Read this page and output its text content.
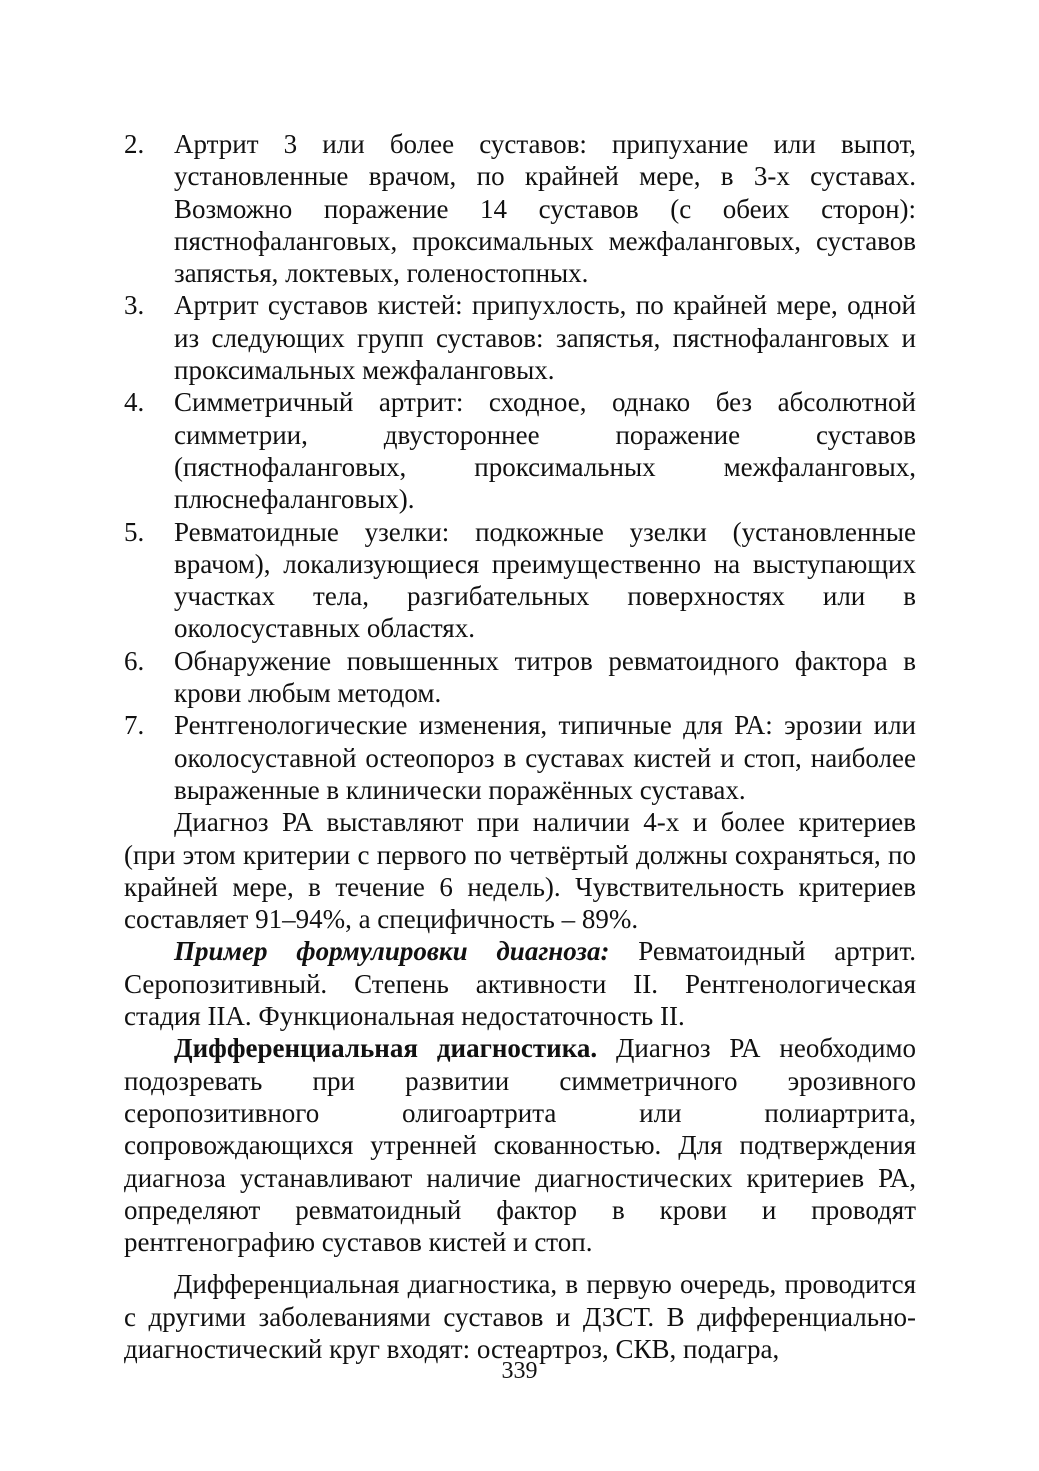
2.	Артрит 3 или более суставов: припухание или выпот, установленные врачом, по крайней мере, в 3-х суставах. Возможно поражение 14 суставов (с обеих сторон): пястнофаланговых, проксимальных межфаланговых, суставов запястья, локтевых, голеностопных.
3.	Артрит суставов кистей: припухлость, по крайней мере, одной из следующих групп суставов: запястья, пястнофаланговых и проксимальных межфаланговых.
4.	Симметричный артрит: сходное, однако без абсолютной симметрии, двустороннее поражение суставов (пястнофаланговых, проксимальных межфаланговых, плюснефаланговых).
5.	Ревматоидные узелки: подкожные узелки (установленные врачом), локализующиеся преимущественно на выступающих участках тела, разгибательных поверхностях или в околосуставных областях.
6.	Обнаружение повышенных титров ревматоидного фактора в крови любым методом.
7.	Рентгенологические изменения, типичные для РА: эрозии или околосуставной остеопороз в суставах кистей и стоп, наиболее выраженные в клинически поражённых суставах.

Диагноз РА выставляют при наличии 4-х и более критериев (при этом критерии с первого по четвёртый должны сохраняться, по крайней мере, в течение 6 недель). Чувствительность критериев составляет 91–94%, а специфичность – 89%.

Пример формулировки диагноза: Ревматоидный артрит. Серопозитивный. Степень активности II. Рентгенологическая стадия IIА. Функциональная недостаточность II.

Дифференциальная диагностика. Диагноз РА необходимо подозревать при развитии симметричного эрозивного серопозитивного олигоартрита или полиартрита, сопровождающихся утренней скованностью. Для подтверждения диагноза устанавливают наличие диагностических критериев РА, определяют ревматоидный фактор в крови и проводят рентгенографию суставов кистей и стоп.

Дифференциальная диагностика, в первую очередь, проводится с другими заболеваниями суставов и ДЗСТ. В дифференциально-диагностический круг входят: остеартроз, СКВ, подагра,

339
